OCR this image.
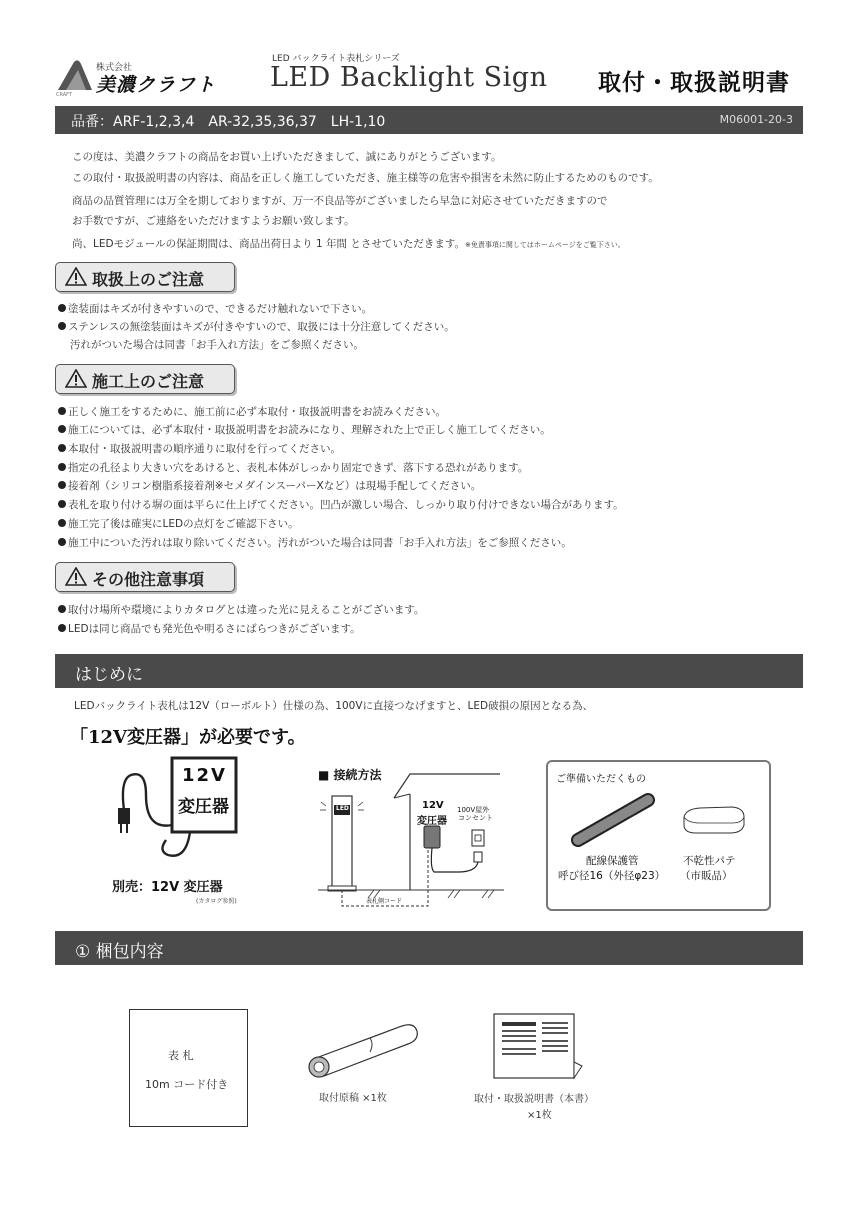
株式会社
美濃クラフト
CRAFT
LED バックライト表札シリーズ
LED Backlight Sign 取付・取扱説明書
品番：ARF-1,2,3,4　AR-32,35,36,37　LH-1,10	M06001-20-3
この度は、美濃クラフトの商品をお買い上げいただきまして、誠にありがとうございます。
この取付・取扱説明書の内容は、商品を正しく施工していただき、施主様等の危害や損害を未然に防止するためのものです。
商品の品質管理には万全を期しておりますが、万一不良品等がございましたら早急に対応させていただきますので
お手数ですが、ご連絡をいただけますようお願い致します。
尚、LEDモジュールの保証期間は、商品出荷日より 1 年間 とさせていただきます。※免責事項に関してはホームページをご覧下さい。
取扱上のご注意
塗装面はキズが付きやすいので、できるだけ触れないで下さい。
ステンレスの無塗装面はキズが付きやすいので、取扱には十分注意してください。
汚れがついた場合は同書「お手入れ方法」をご参照ください。
施工上のご注意
正しく施工をするために、施工前に必ず本取付・取扱説明書をお読みください。
施工については、必ず本取付・取扱説明書をお読みになり、理解された上で正しく施工してください。
本取付・取扱説明書の順序通りに取付を行ってください。
指定の孔径より大きい穴をあけると、表札本体がしっかり固定できず、落下する恐れがあります。
接着剤（シリコン樹脂系接着剤※セメダインスーパーXなど）は現場手配してください。
表札を取り付ける塀の面は平らに仕上げてください。凹凸が激しい場合、しっかり取り付けできない場合があります。
施工完了後は確実にLEDの点灯をご確認下さい。
施工中についた汚れは取り除いてください。汚れがついた場合は同書「お手入れ方法」をご参照ください。
その他注意事項
取付け場所や環境によりカタログとは違った光に見えることがございます。
LEDは同じ商品でも発光色や明るさにばらつきがございます。
はじめに
LEDバックライト表札は12V（ローボルト）仕様の為、100Vに直接つなげますと、LED破損の原因となる為、
「12V変圧器」が必要です。
12V
変圧器
別売：12V 変圧器
(カタログ参照)
■ 接続方法
LED	12V
変圧器
100V屋外
コンセント
表札側コード
ご準備いただくもの
配線保護管
呼び径16（外径φ23）
不乾性パテ
（市販品）
① 梱包内容
表 札
10m コード付き
取付原稿 ×1枚	取付・取扱説明書（本書）
×1枚
